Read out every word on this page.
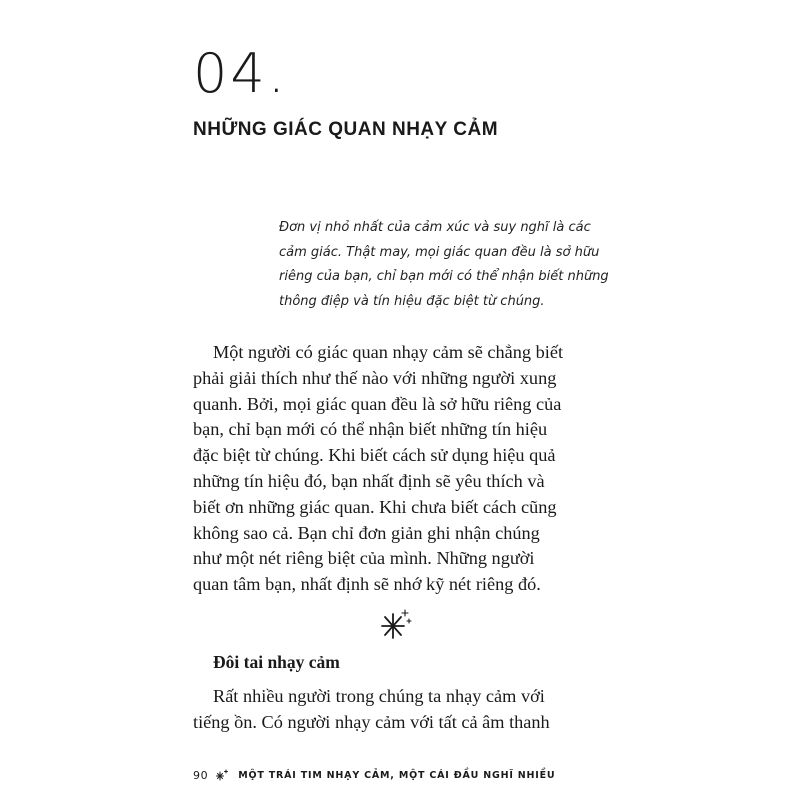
04.
NHỮNG GIÁC QUAN NHẠY CẢM
Đơn vị nhỏ nhất của cảm xúc và suy nghĩ là các
cảm giác. Thật may, mọi giác quan đều là sở hữu
riêng của bạn, chỉ bạn mới có thể nhận biết những
thông điệp và tín hiệu đặc biệt từ chúng.
Một người có giác quan nhạy cảm sẽ chẳng biết
phải giải thích như thế nào với những người xung
quanh. Bởi, mọi giác quan đều là sở hữu riêng của
bạn, chỉ bạn mới có thể nhận biết những tín hiệu
đặc biệt từ chúng. Khi biết cách sử dụng hiệu quả
những tín hiệu đó, bạn nhất định sẽ yêu thích và
biết ơn những giác quan. Khi chưa biết cách cũng
không sao cả. Bạn chỉ đơn giản ghi nhận chúng
như một nét riêng biệt của mình. Những người
quan tâm bạn, nhất định sẽ nhớ kỹ nét riêng đó.
Đôi tai nhạy cảm
Rất nhiều người trong chúng ta nhạy cảm với
tiếng ồn. Có người nhạy cảm với tất cả âm thanh
90	MỘT TRÁI TIM NHẠY CẢM, MỘT CÁI ĐẦU NGHĨ NHIỀU
